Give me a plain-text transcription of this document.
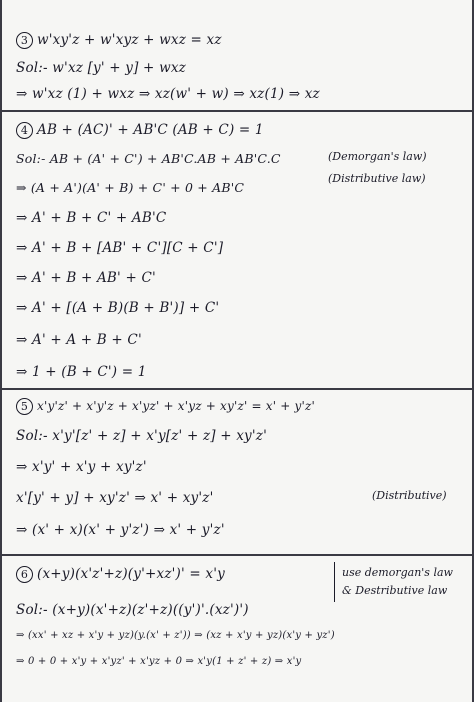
3 w'xy'z + w'xyz + wxz = xz
Sol:- w'xz [y' + y] + wxz
⇒ w'xz (1) + wxz ⇒ xz(w' + w) ⇒ xz(1) ⇒ xz
4 AB + (AC)' + AB'C (AB + C) = 1
Sol:- AB + (A' + C') + AB'C.AB + AB'C.C	(Demorgan's law)
⇒ (A + A')(A' + B) + C' + 0 + AB'C
(Distributive law)
⇒ A' + B + C' + AB'C
⇒ A' + B + [AB' + C'][C + C']
⇒ A' + B + AB' + C'
⇒ A' + [(A + B)(B + B')] + C'
⇒ A' + A + B + C'
⇒ 1 + (B + C') = 1
5 x'y'z' + x'y'z + x'yz' + x'yz + xy'z' = x' + y'z'
Sol:- x'y'[z' + z] + x'y[z' + z] + xy'z'
⇒ x'y' + x'y + xy'z'
x'[y' + y] + xy'z' ⇒ x' + xy'z'	(Distributive)
⇒ (x' + x)(x' + y'z') ⇒ x' + y'z'
6 (x+y)(x'z'+z)(y'+xz')' = x'y	use demorgan's law
& Destributive law
Sol:- (x+y)(x'+z)(z'+z)((y')'.(xz')')
⇒ (xx' + xz + x'y + yz)(y.(x' + z')) ⇒ (xz + x'y + yz)(x'y + yz')
⇒ 0 + 0 + x'y + x'yz' + x'yz + 0 ⇒ x'y(1 + z' + z) ⇒ x'y
